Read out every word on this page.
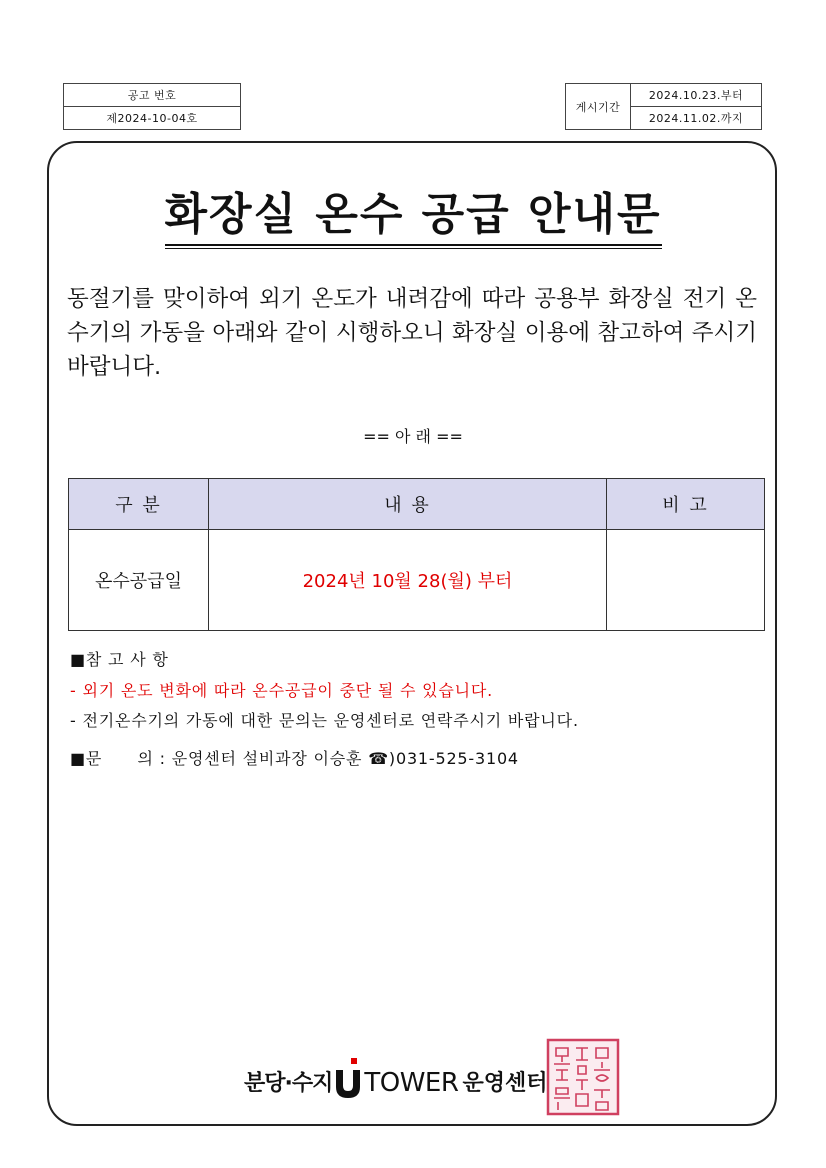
공고 번호
제2024-10-04호
게시기간	2024.10.23.부터
2024.11.02.까지
화장실 온수 공급 안내문
동절기를 맞이하여 외기 온도가 내려감에 따라 공용부 화장실 전기 온수기의 가동을 아래와 같이 시행하오니 화장실 이용에 참고하여 주시기 바랍니다.
== 아 래 ==
구 분	내 용	비 고
온수공급일	2024년 10월 28(월) 부터	
■참 고 사 항
- 외기 온도 변화에 따라 온수공급이 중단 될 수 있습니다.
- 전기온수기의 가동에 대한 문의는 운영센터로 연락주시기 바랍니다.
■문      의 : 운영센터 설비과장 이승훈 ☎)031-525-3104
분당·수지 TOWER 운영센터
